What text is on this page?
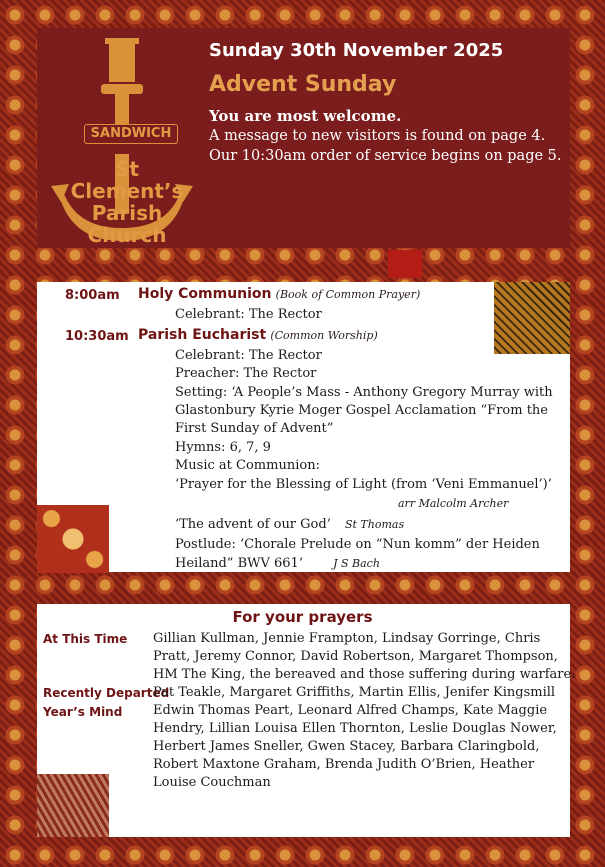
SANDWICH
St Clement’s
Parish Church
Sunday 30th November 2025
Advent Sunday
You are most welcome.
A message to new visitors is found on page 4.
Our 10:30am order of service begins on page 5.
8:00am Holy Communion (Book of Common Prayer)
Celebrant: The Rector
10:30am Parish Eucharist (Common Worship)
Celebrant: The Rector
Preacher: The Rector
Setting: ‘A People’s Mass - Anthony Gregory Murray with
Glastonbury Kyrie Moger Gospel Acclamation “From the
First Sunday of Advent”
Hymns: 6, 7, 9
Music at Communion:
‘Prayer for the Blessing of Light (from ‘Veni Emmanuel’)’
arr Malcolm Archer
‘The advent of our God’ St Thomas
Postlude: ‘Chorale Prelude on “Nun komm” der Heiden
Heiland” BWV 661’	J S Bach
For your prayers
At This Time Gillian Kullman, Jennie Frampton, Lindsay Gorringe, Chris
Pratt, Jeremy Connor, David Robertson, Margaret Thompson,
HM The King, the bereaved and those suffering during warfare.
Recently Departed
Pat Teakle, Margaret Griffiths, Martin Ellis, Jenifer Kingsmill
Year’s Mind Edwin Thomas Peart, Leonard Alfred Champs, Kate Maggie
Hendry, Lillian Louisa Ellen Thornton, Leslie Douglas Nower,
Herbert James Sneller, Gwen Stacey, Barbara Claringbold,
Robert Maxtone Graham, Brenda Judith O’Brien, Heather
Louise Couchman
